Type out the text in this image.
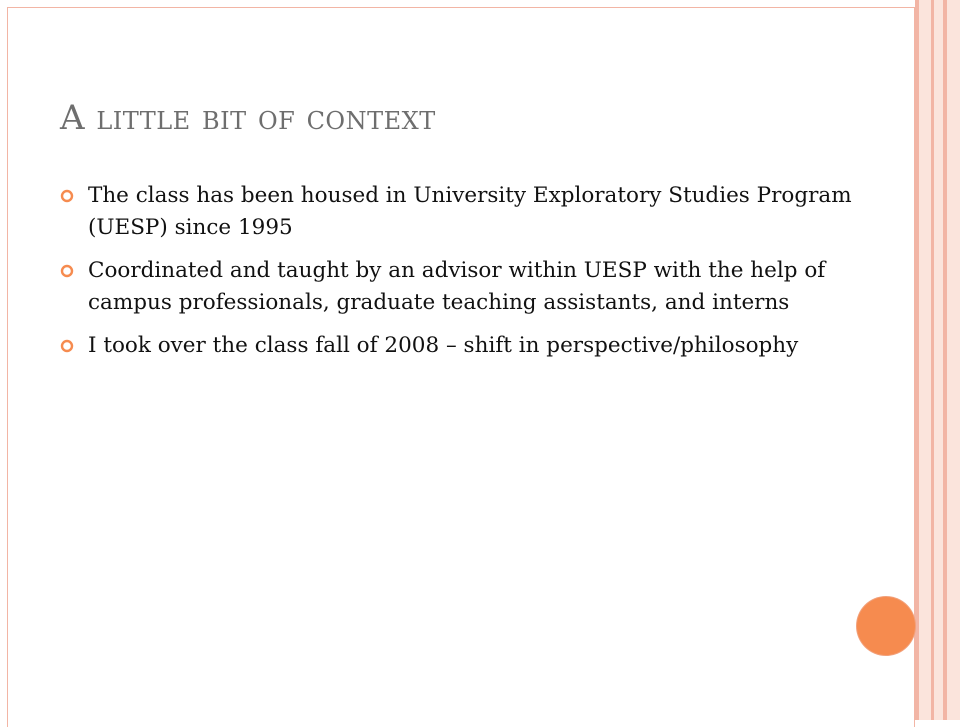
A little bit of context
The class has been housed in University Exploratory Studies Program (UESP) since 1995
Coordinated and taught by an advisor within UESP with the help of campus professionals, graduate teaching assistants, and interns
I took over the class fall of 2008 – shift in perspective/philosophy
